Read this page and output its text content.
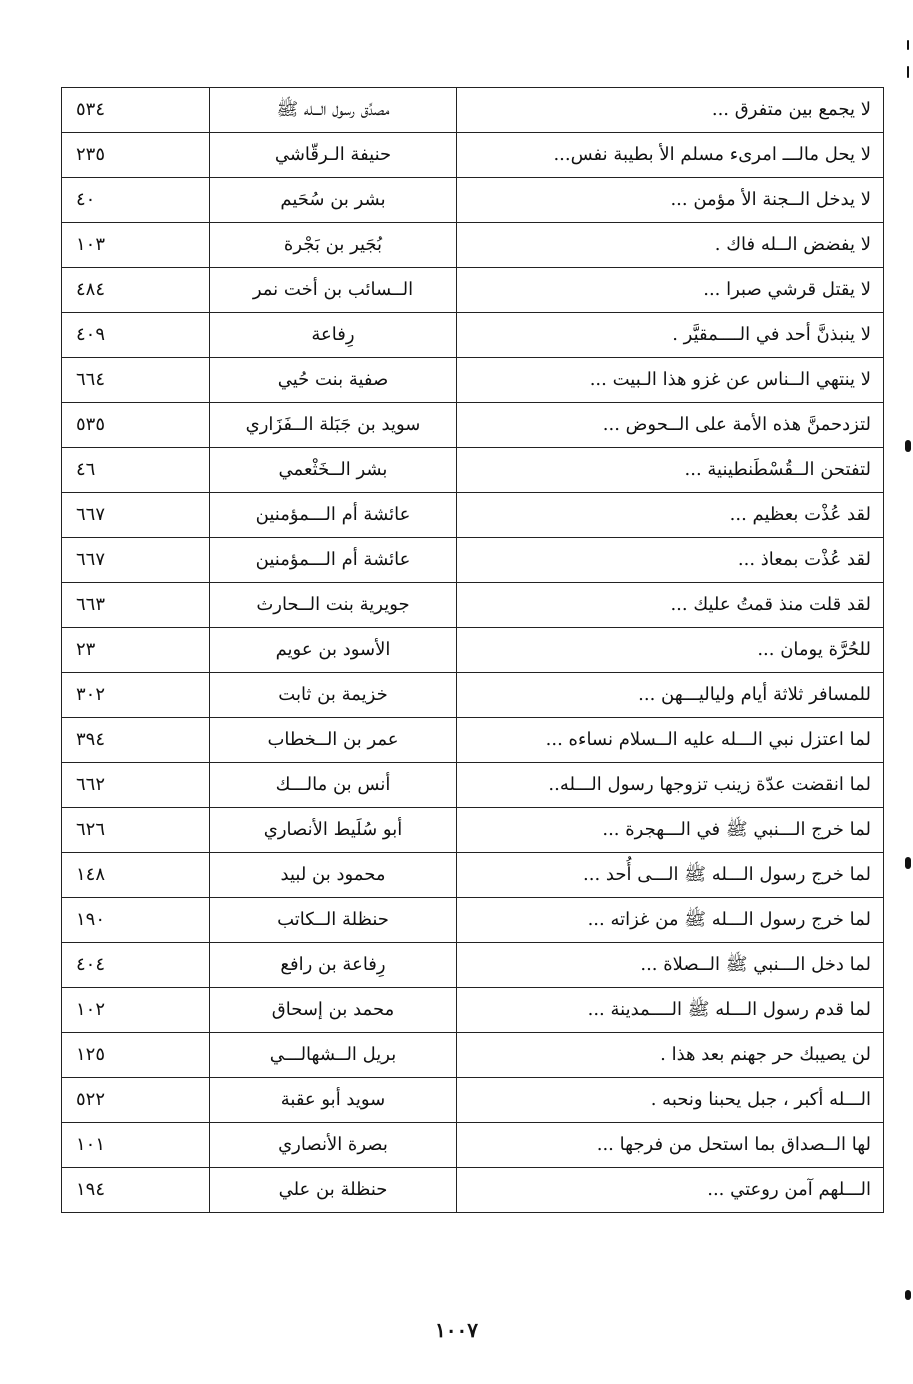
لا يجمع بين متفرق ...	مصدِّق رسول الـــله ﷺ	٥٣٤
لا يحل مالـــ امرىء مسلم الأ بطيبة نفس...	حنيفة الـرقّاشي	٢٣٥
لا يدخل الــجنة الأ مؤمن ...	بشر بن سُحَيم	٤٠
لا يفضض الــله فاك .	بُجَير بن بَجْرة	١٠٣
لا يقتل قرشي صبرا ...	الــسائب بن أخت نمر	٤٨٤
لا ينبذنَّ أحد في الــــمقيَّر .	رِفاعة	٤٠٩
لا ينتهي الــناس عن غزو هذا الـبيت ...	صفية بنت حُيي	٦٦٤
لتزدحمنَّ هذه الأمة على الــحوض ...	سويد بن جَبَلة الــفَزَاري	٥٣٥
لتفتحن الــقُسْطَنطينية ...	بشر الــخَثْعمي	٤٦
لقد عُذْت بعظيم ...	عائشة أم الـــمؤمنين	٦٦٧
لقد عُذْت بمعاذ ...	عائشة أم الـــمؤمنين	٦٦٧
لقد قلت منذ قمتُ عليك ...	جويرية بنت الــحارث	٦٦٣
للحُرَّة يومان ...	الأسود بن عويم	٢٣
للمسافر ثلاثة أيام ولياليـــهن ...	خزيمة بن ثابت	٣٠٢
لما اعتزل نبي الـــله عليه الــسلام نساءه ...	عمر بن الــخطاب	٣٩٤
لما انقضت عدّة زينب تزوجها رسول الـــله..	أنس بن مالـــك	٦٦٢
لما خرج الـــنبي ﷺ في الـــهجرة ...	أبو سُلَيط الأنصاري	٦٢٦
لما خرج رسول الـــله ﷺ الـــى أُحد ...	محمود بن لبيد	١٤٨
لما خرج رسول الـــله ﷺ من غزاته ...	حنظلة الــكاتب	١٩٠
لما دخل الـــنبي ﷺ الــصلاة ...	رِفاعة بن رافع	٤٠٤
لما قدم رسول الـــله ﷺ الــــمدينة ...	محمد بن إسحاق	١٠٢
لن يصيبك حر جهنم بعد هذا .	بريل الــشهالـــي	١٢٥
الـــله أكبر ، جبل يحبنا ونحبه .	سويد أبو عقبة	٥٢٢
لها الــصداق بما استحل من فرجها ...	بصرة الأنصاري	١٠١
الـــلهم آمن روعتي ...	حنظلة بن علي	١٩٤
١٠٠٧
